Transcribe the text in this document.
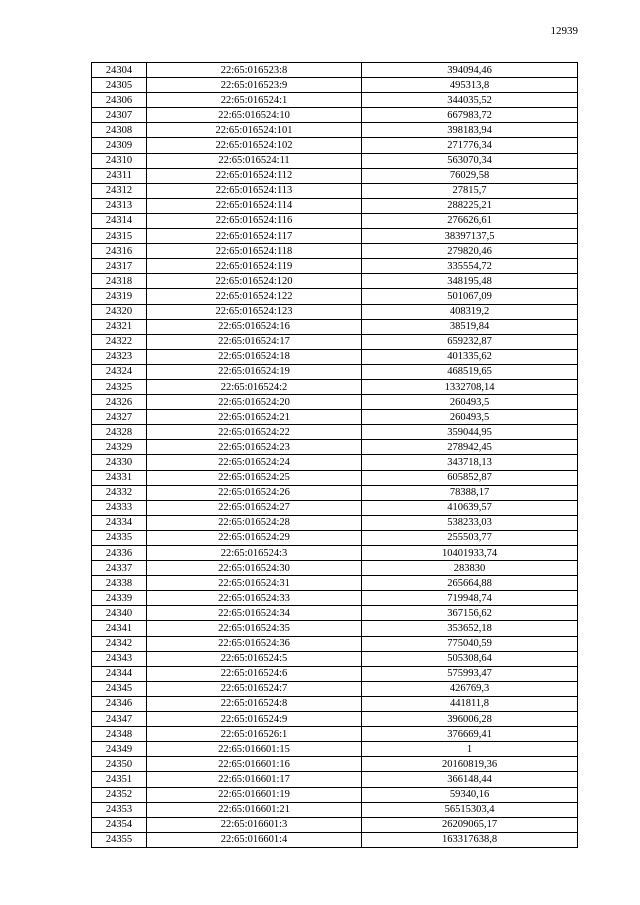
12939
24304	22:65:016523:8	394094,46
24305	22:65:016523:9	495313,8
24306	22:65:016524:1	344035,52
24307	22:65:016524:10	667983,72
24308	22:65:016524:101	398183,94
24309	22:65:016524:102	271776,34
24310	22:65:016524:11	563070,34
24311	22:65:016524:112	76029,58
24312	22:65:016524:113	27815,7
24313	22:65:016524:114	288225,21
24314	22:65:016524:116	276626,61
24315	22:65:016524:117	38397137,5
24316	22:65:016524:118	279820,46
24317	22:65:016524:119	335554,72
24318	22:65:016524:120	348195,48
24319	22:65:016524:122	501067,09
24320	22:65:016524:123	408319,2
24321	22:65:016524:16	38519,84
24322	22:65:016524:17	659232,87
24323	22:65:016524:18	401335,62
24324	22:65:016524:19	468519,65
24325	22:65:016524:2	1332708,14
24326	22:65:016524:20	260493,5
24327	22:65:016524:21	260493,5
24328	22:65:016524:22	359044,95
24329	22:65:016524:23	278942,45
24330	22:65:016524:24	343718,13
24331	22:65:016524:25	605852,87
24332	22:65:016524:26	78388,17
24333	22:65:016524:27	410639,57
24334	22:65:016524:28	538233,03
24335	22:65:016524:29	255503,77
24336	22:65:016524:3	10401933,74
24337	22:65:016524:30	283830
24338	22:65:016524:31	265664,88
24339	22:65:016524:33	719948,74
24340	22:65:016524:34	367156,62
24341	22:65:016524:35	353652,18
24342	22:65:016524:36	775040,59
24343	22:65:016524:5	505308,64
24344	22:65:016524:6	575993,47
24345	22:65:016524:7	426769,3
24346	22:65:016524:8	441811,8
24347	22:65:016524:9	396006,28
24348	22:65:016526:1	376669,41
24349	22:65:016601:15	1
24350	22:65:016601:16	20160819,36
24351	22:65:016601:17	366148,44
24352	22:65:016601:19	59340,16
24353	22:65:016601:21	56515303,4
24354	22:65:016601:3	26209065,17
24355	22:65:016601:4	163317638,8
